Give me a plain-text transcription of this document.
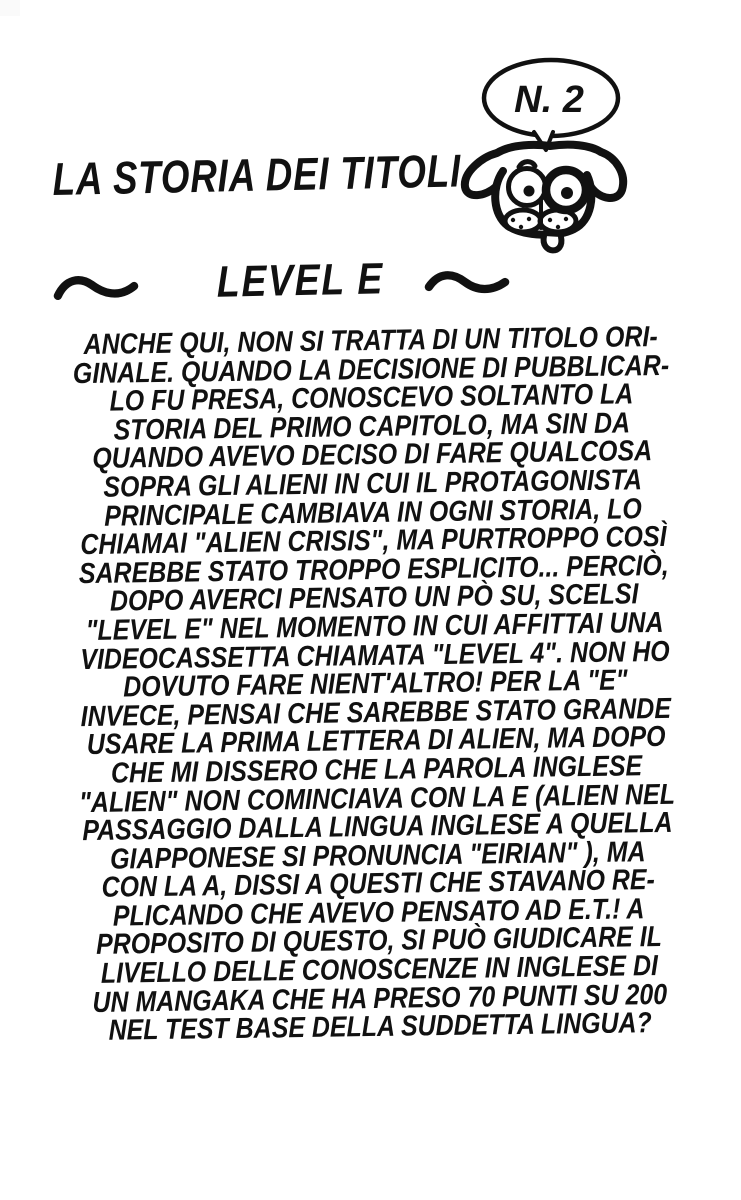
LA STORIA DEI TITOLI
N. 2
LEVEL E
ANCHE QUI, NON SI TRATTA DI UN TITOLO ORI-
GINALE. QUANDO LA DECISIONE DI PUBBLICAR-
LO FU PRESA, CONOSCEVO SOLTANTO LA
STORIA DEL PRIMO CAPITOLO, MA SIN DA
QUANDO AVEVO DECISO DI FARE QUALCOSA
SOPRA GLI ALIENI IN CUI IL PROTAGONISTA
PRINCIPALE CAMBIAVA IN OGNI STORIA, LO
CHIAMAI "ALIEN CRISIS", MA PURTROPPO COSÌ
SAREBBE STATO TROPPO ESPLICITO... PERCIÒ,
DOPO AVERCI PENSATO UN PÒ SU, SCELSI
"LEVEL E" NEL MOMENTO IN CUI AFFITTAI UNA
VIDEOCASSETTA CHIAMATA "LEVEL 4". NON HO
DOVUTO FARE NIENT'ALTRO! PER LA "E"
INVECE, PENSAI CHE SAREBBE STATO GRANDE
USARE LA PRIMA LETTERA DI ALIEN, MA DOPO
CHE MI DISSERO CHE LA PAROLA INGLESE
"ALIEN" NON COMINCIAVA CON LA E (ALIEN NEL
PASSAGGIO DALLA LINGUA INGLESE A QUELLA
GIAPPONESE SI PRONUNCIA "EIRIAN" ), MA
CON LA A, DISSI A QUESTI CHE STAVANO RE-
PLICANDO CHE AVEVO PENSATO AD E.T.! A
PROPOSITO DI QUESTO, SI PUÒ GIUDICARE IL
LIVELLO DELLE CONOSCENZE IN INGLESE DI
UN MANGAKA CHE HA PRESO 70 PUNTI SU 200
NEL TEST BASE DELLA SUDDETTA LINGUA?
